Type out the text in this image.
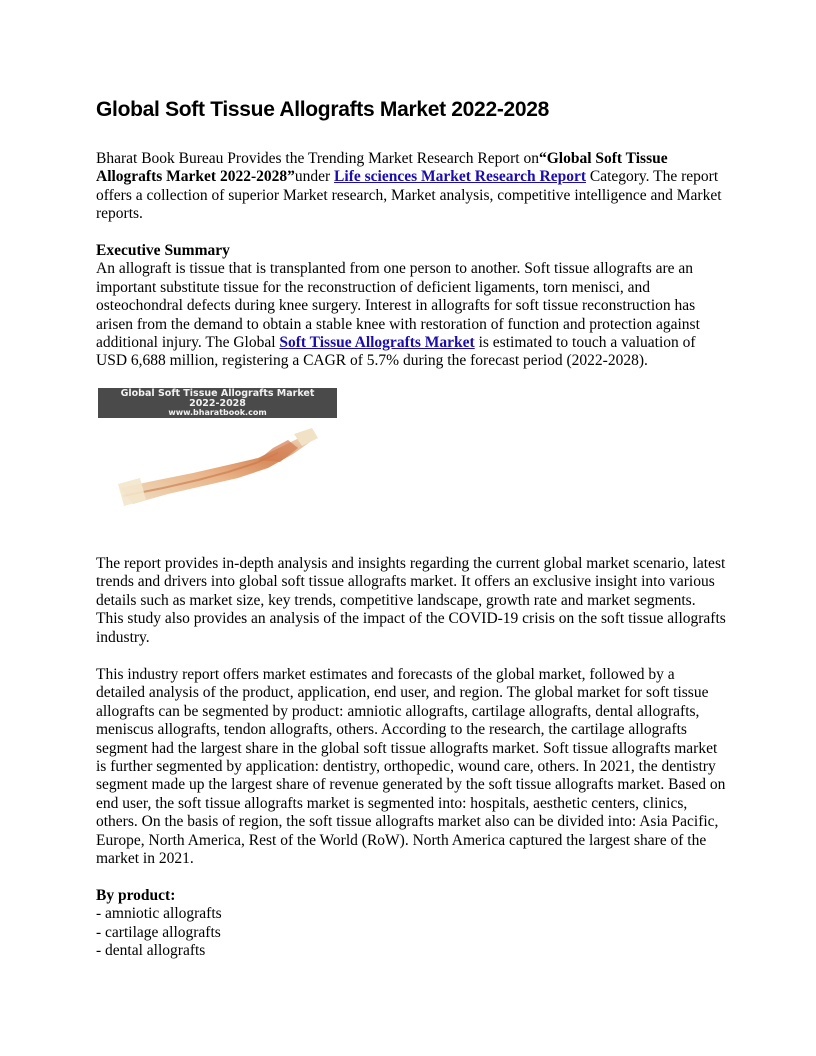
Global Soft Tissue Allografts Market 2022-2028

Bharat Book Bureau Provides the Trending Market Research Report on“Global Soft Tissue Allografts Market 2022-2028”under Life sciences Market Research Report Category. The report offers a collection of superior Market research, Market analysis, competitive intelligence and Market reports.

Executive Summary

An allograft is tissue that is transplanted from one person to another. Soft tissue allografts are an important substitute tissue for the reconstruction of deficient ligaments, torn menisci, and osteochondral defects during knee surgery. Interest in allografts for soft tissue reconstruction has arisen from the demand to obtain a stable knee with restoration of function and protection against additional injury. The Global Soft Tissue Allografts Market is estimated to touch a valuation of USD 6,688 million, registering a CAGR of 5.7% during the forecast period (2022-2028).

Global Soft Tissue Allografts Market
2022-2028
www.bharatbook.com

The report provides in-depth analysis and insights regarding the current global market scenario, latest trends and drivers into global soft tissue allografts market. It offers an exclusive insight into various details such as market size, key trends, competitive landscape, growth rate and market segments. This study also provides an analysis of the impact of the COVID-19 crisis on the soft tissue allografts industry.

This industry report offers market estimates and forecasts of the global market, followed by a detailed analysis of the product, application, end user, and region. The global market for soft tissue allografts can be segmented by product: amniotic allografts, cartilage allografts, dental allografts, meniscus allografts, tendon allografts, others. According to the research, the cartilage allografts segment had the largest share in the global soft tissue allografts market. Soft tissue allografts market is further segmented by application: dentistry, orthopedic, wound care, others. In 2021, the dentistry segment made up the largest share of revenue generated by the soft tissue allografts market. Based on end user, the soft tissue allografts market is segmented into: hospitals, aesthetic centers, clinics, others. On the basis of region, the soft tissue allografts market also can be divided into: Asia Pacific, Europe, North America, Rest of the World (RoW). North America captured the largest share of the market in 2021.

By product:

- amniotic allografts
- cartilage allografts
- dental allografts
